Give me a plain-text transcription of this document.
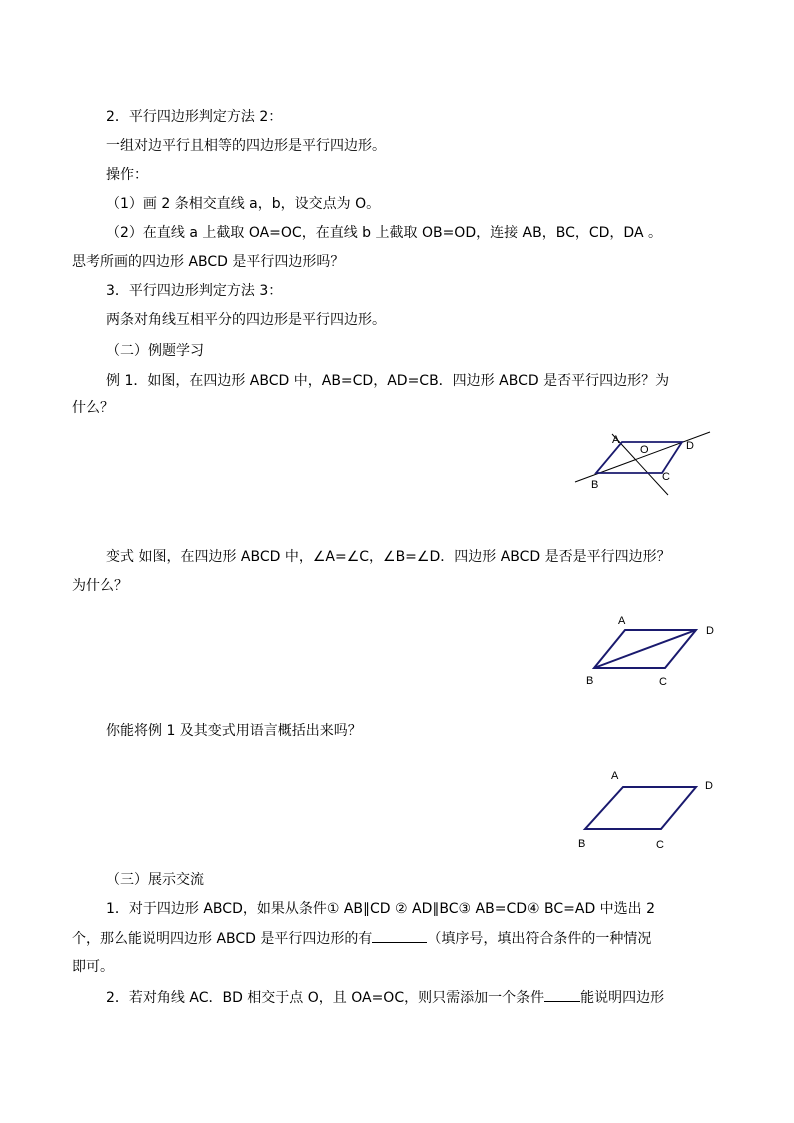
2．平行四边形判定方法 2：
一组对边平行且相等的四边形是平行四边形。
操作：
（1）画 2 条相交直线 a，b，设交点为 O。
（2）在直线 a 上截取 OA=OC，在直线 b 上截取 OB=OD，连接 AB，BC，CD，DA 。
思考所画的四边形 ABCD 是平行四边形吗？
3．平行四边形判定方法 3：
两条对角线互相平分的四边形是平行四边形。
（二）例题学习
例 1．如图，在四边形 ABCD 中，AB=CD，AD=CB．四边形 ABCD 是否平行四边形？为
什么？
A
O	D
B
C
变式 如图，在四边形 ABCD 中，∠A=∠C，∠B=∠D．四边形 ABCD 是否是平行四边形？
为什么？
A
D
B	C
你能将例 1 及其变式用语言概括出来吗？
A
D
B	C
（三）展示交流
1．对于四边形 ABCD，如果从条件① AB∥CD ② AD∥BC③ AB=CD④ BC=AD 中选出 2
个，那么能说明四边形 ABCD 是平行四边形的有	（填序号，填出符合条件的一种情况
即可。
2．若对角线 AC．BD 相交于点 O，且 OA=OC，则只需添加一个条件	能说明四边形
